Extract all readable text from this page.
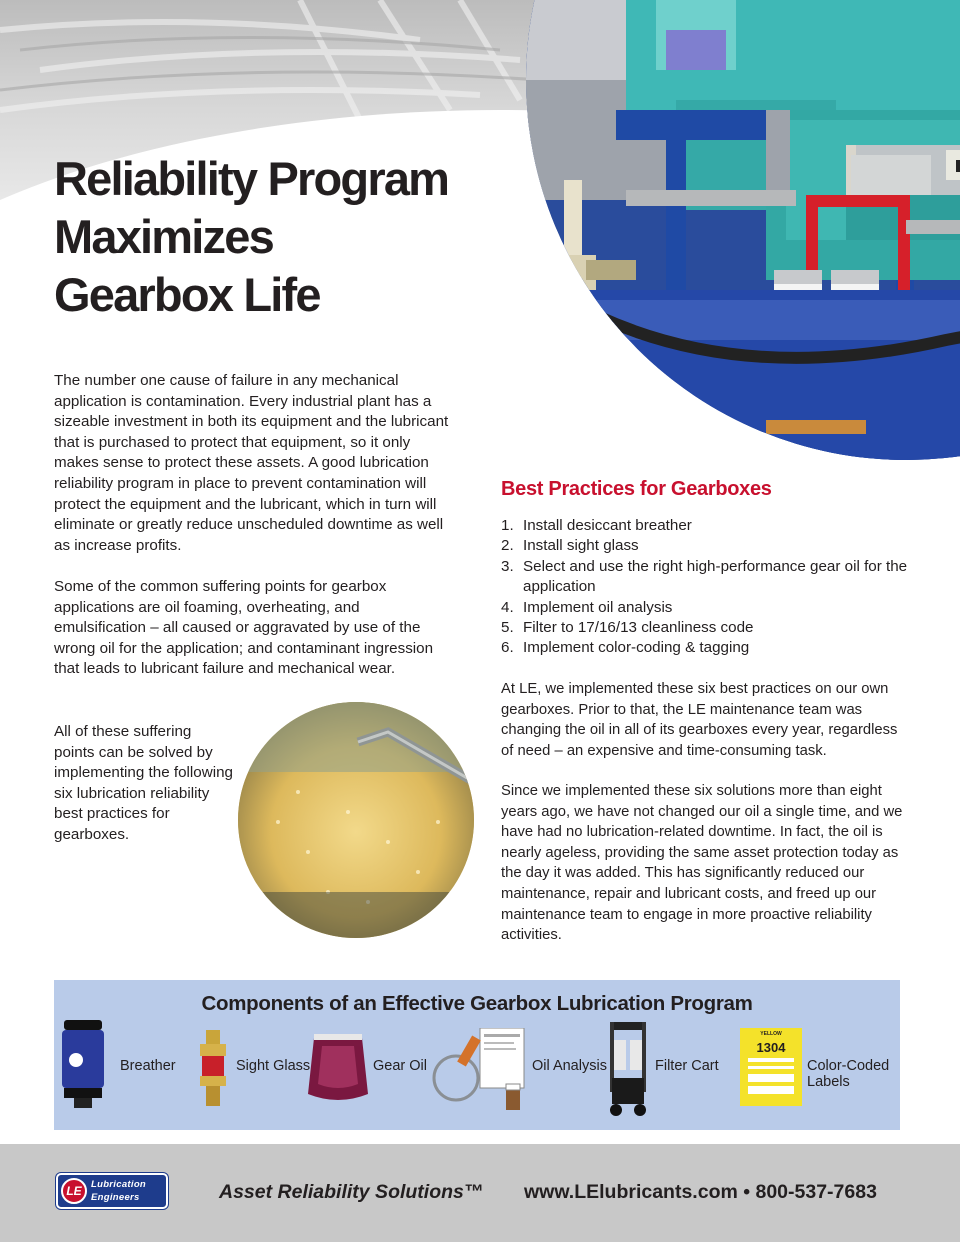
Reliability Program
Maximizes
Gearbox Life

The number one cause of failure in any mechanical application is contamination. Every industrial plant has a sizeable investment in both its equipment and the lubricant that is purchased to protect that equipment, so it only makes sense to protect these assets. A good lubrication reliability program in place to prevent contamination will protect the equipment and the lubricant, which in turn will eliminate or greatly reduce unscheduled downtime as well as increase profits.

Some of the common suffering points for gearbox applications are oil foaming, overheating, and emulsification – all caused or aggravated by use of the wrong oil for the application; and contaminant ingression that leads to lubricant failure and mechanical wear.

All of these suffering points can be solved by implementing the following six lubrication reliability best practices for gearboxes.

Best Practices for Gearboxes
1. Install desiccant breather
2. Install sight glass
3. Select and use the right high-performance gear oil for the application
4. Implement oil analysis
5. Filter to 17/16/13 cleanliness code
6. Implement color-coding & tagging

At LE, we implemented these six best practices on our own gearboxes. Prior to that, the LE maintenance team was changing the oil in all of its gearboxes every year, regardless of need – an expensive and time-consuming task.

Since we implemented these six solutions more than eight years ago, we have not changed our oil a single time, and we have had no lubrication-related downtime. In fact, the oil is nearly ageless, providing the same asset protection today as the day it was added. This has significantly reduced our maintenance, repair and lubricant costs, and freed up our maintenance team to engage in more proactive reliability activities.

Components of an Effective Gearbox Lubrication Program
Breather	Sight Glass	Gear Oil	Oil Analysis	Filter Cart
YELLOW
1304
Color-Coded Labels
LE Lubrication
Engineers	Asset Reliability Solutions™ www.LElubricants.com • 800-537-7683
